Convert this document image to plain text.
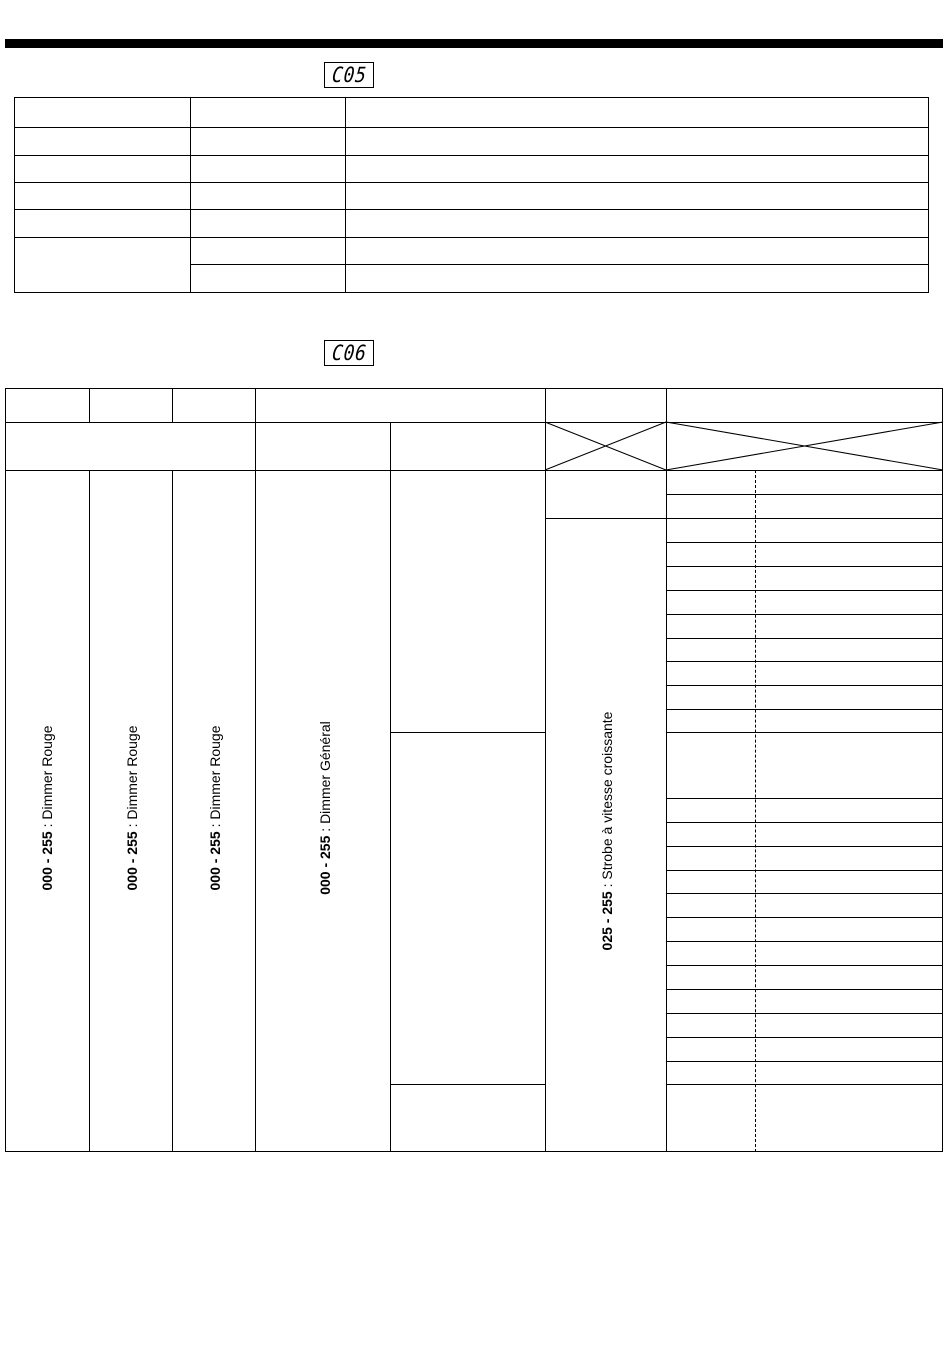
C05
C06
000 - 255 : Dimmer Rouge
000 - 255 : Dimmer Rouge
000 - 255 : Dimmer Rouge
000 - 255 : Dimmer Général
025 - 255 : Strobe à vitesse croissante
